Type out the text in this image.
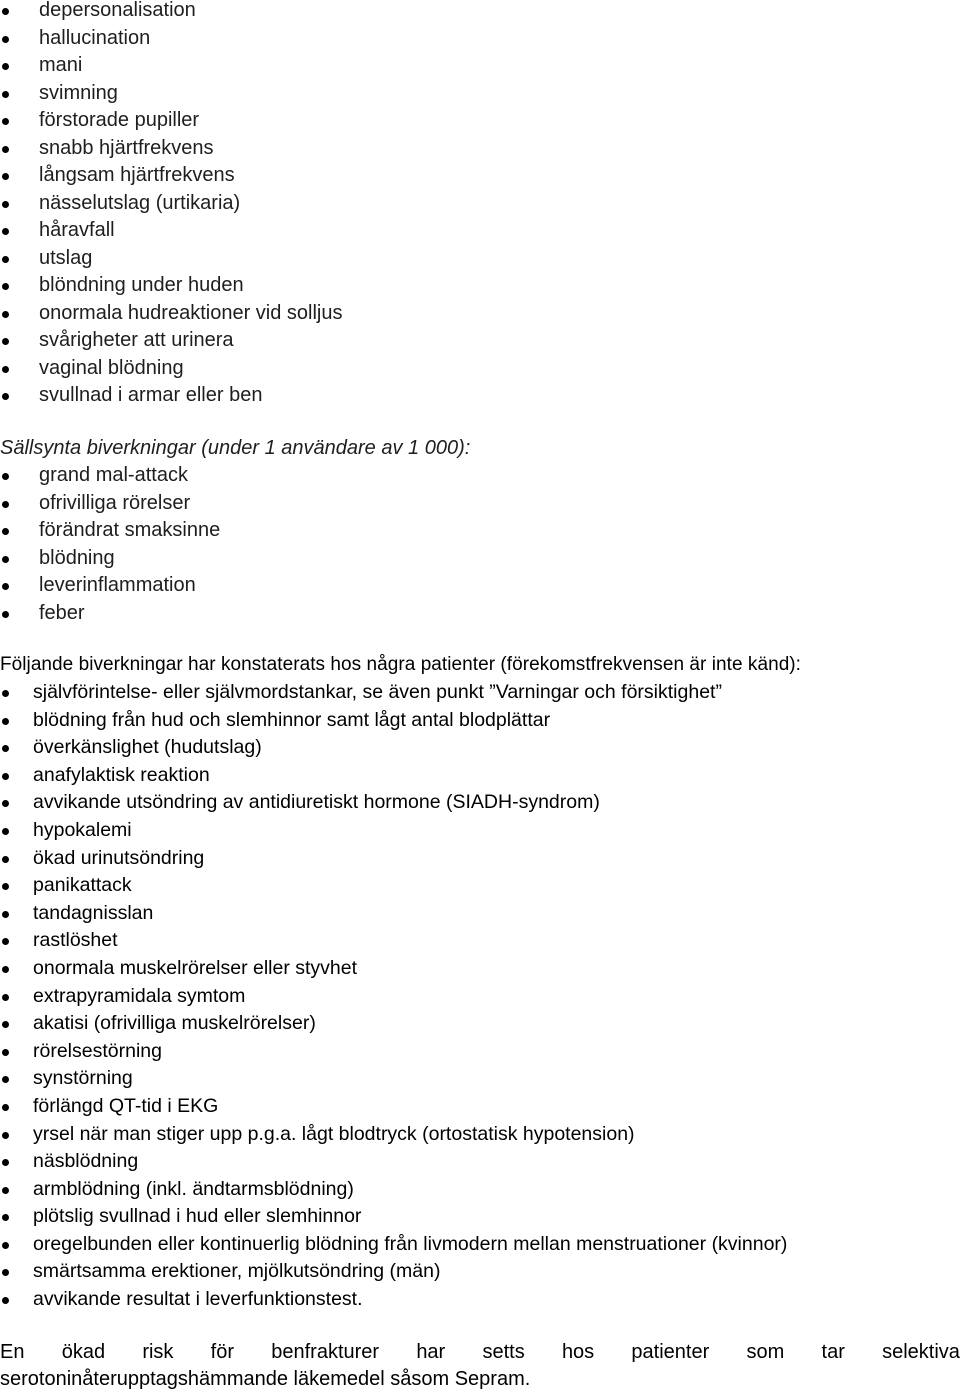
depersonalisation
hallucination
mani
svimning
förstorade pupiller
snabb hjärtfrekvens
långsam hjärtfrekvens
nässelutslag (urtikaria)
håravfall
utslag
blöndning under huden
onormala hudreaktioner vid solljus
svårigheter att urinera
vaginal blödning
svullnad i armar eller ben
Sällsynta biverkningar (under 1 användare av 1 000):
grand mal-attack
ofrivilliga rörelser
förändrat smaksinne
blödning
leverinflammation
feber
Följande biverkningar har konstaterats hos några patienter (förekomstfrekvensen är inte känd):
självförintelse- eller självmordstankar, se även punkt ”Varningar och försiktighet”
blödning från hud och slemhinnor samt lågt antal blodplättar
överkänslighet (hudutslag)
anafylaktisk reaktion
avvikande utsöndring av antidiuretiskt hormone (SIADH-syndrom)
hypokalemi
ökad urinutsöndring
panikattack
tandagnisslan
rastlöshet
onormala muskelrörelser eller styvhet
extrapyramidala symtom
akatisi (ofrivilliga muskelrörelser)
rörelsestörning
synstörning
förlängd QT-tid i EKG
yrsel när man stiger upp p.g.a. lågt blodtryck (ortostatisk hypotension)
näsblödning
armblödning (inkl. ändtarmsblödning)
plötslig svullnad i hud eller slemhinnor
oregelbunden eller kontinuerlig blödning från livmodern mellan menstruationer (kvinnor)
smärtsamma erektioner, mjölkutsöndring (män)
avvikande resultat i leverfunktionstest.
En ökad risk för benfrakturer har setts hos patienter som tar selektiva
serotoninåterupptagshämmande läkemedel såsom Sepram.
